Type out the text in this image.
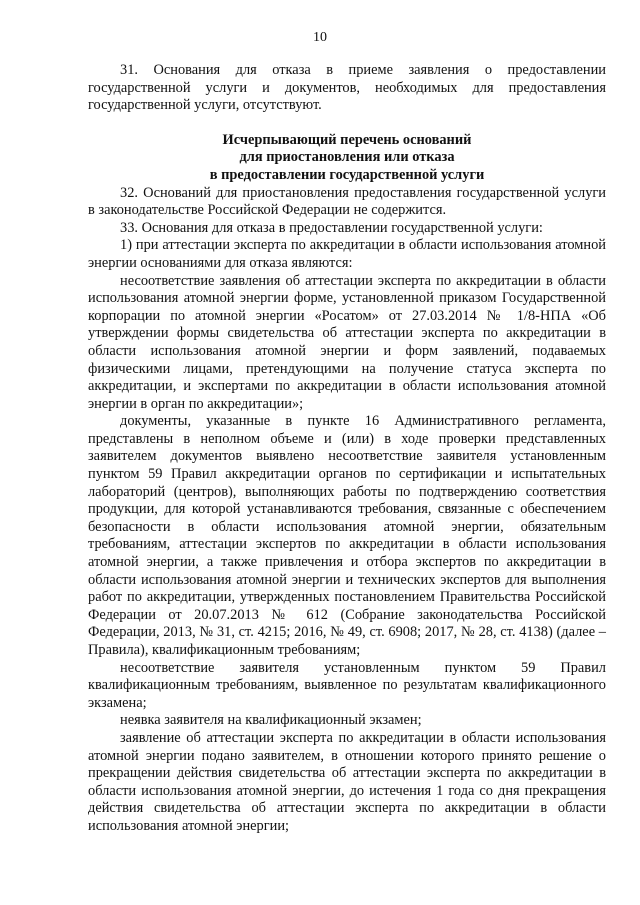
10

31. Основания для отказа в приеме заявления о предоставлении государственной услуги и документов, необходимых для предоставления государственной услуги, отсутствуют.

Исчерпывающий перечень оснований

для приостановления или отказа

в предоставлении государственной услуги

32. Оснований для приостановления предоставления государственной услуги в законодательстве Российской Федерации не содержится.

33. Основания для отказа в предоставлении государственной услуги:

1) при аттестации эксперта по аккредитации в области использования атомной энергии основаниями для отказа являются:

несоответствие заявления об аттестации эксперта по аккредитации в области использования атомной энергии форме, установленной приказом Государственной корпорации по атомной энергии «Росатом» от 27.03.2014 № 1/8-НПА «Об утверждении формы свидетельства об аттестации эксперта по аккредитации в области использования атомной энергии и форм заявлений, подаваемых физическими лицами, претендующими на получение статуса эксперта по аккредитации, и экспертами по аккредитации в области использования атомной энергии в орган по аккредитации»;

документы, указанные в пункте 16 Административного регламента, представлены в неполном объеме и (или) в ходе проверки представленных заявителем документов выявлено несоответствие заявителя установленным пунктом 59 Правил аккредитации органов по сертификации и испытательных лабораторий (центров), выполняющих работы по подтверждению соответствия продукции, для которой устанавливаются требования, связанные с обеспечением безопасности в области использования атомной энергии, обязательным требованиям, аттестации экспертов по аккредитации в области использования атомной энергии, а также привлечения и отбора экспертов по аккредитации в области использования атомной энергии и технических экспертов для выполнения работ по аккредитации, утвержденных постановлением Правительства Российской Федерации от 20.07.2013 № 612 (Собрание законодательства Российской Федерации, 2013, № 31, ст. 4215; 2016, № 49, ст. 6908; 2017, № 28, ст. 4138) (далее – Правила), квалификационным требованиям;

несоответствие заявителя установленным пунктом 59 Правил квалификационным требованиям, выявленное по результатам квалификационного экзамена;

неявка заявителя на квалификационный экзамен;

заявление об аттестации эксперта по аккредитации в области использования атомной энергии подано заявителем, в отношении которого принято решение о прекращении действия свидетельства об аттестации эксперта по аккредитации в области использования атомной энергии, до истечения 1 года со дня прекращения действия свидетельства об аттестации эксперта по аккредитации в области использования атомной энергии;
